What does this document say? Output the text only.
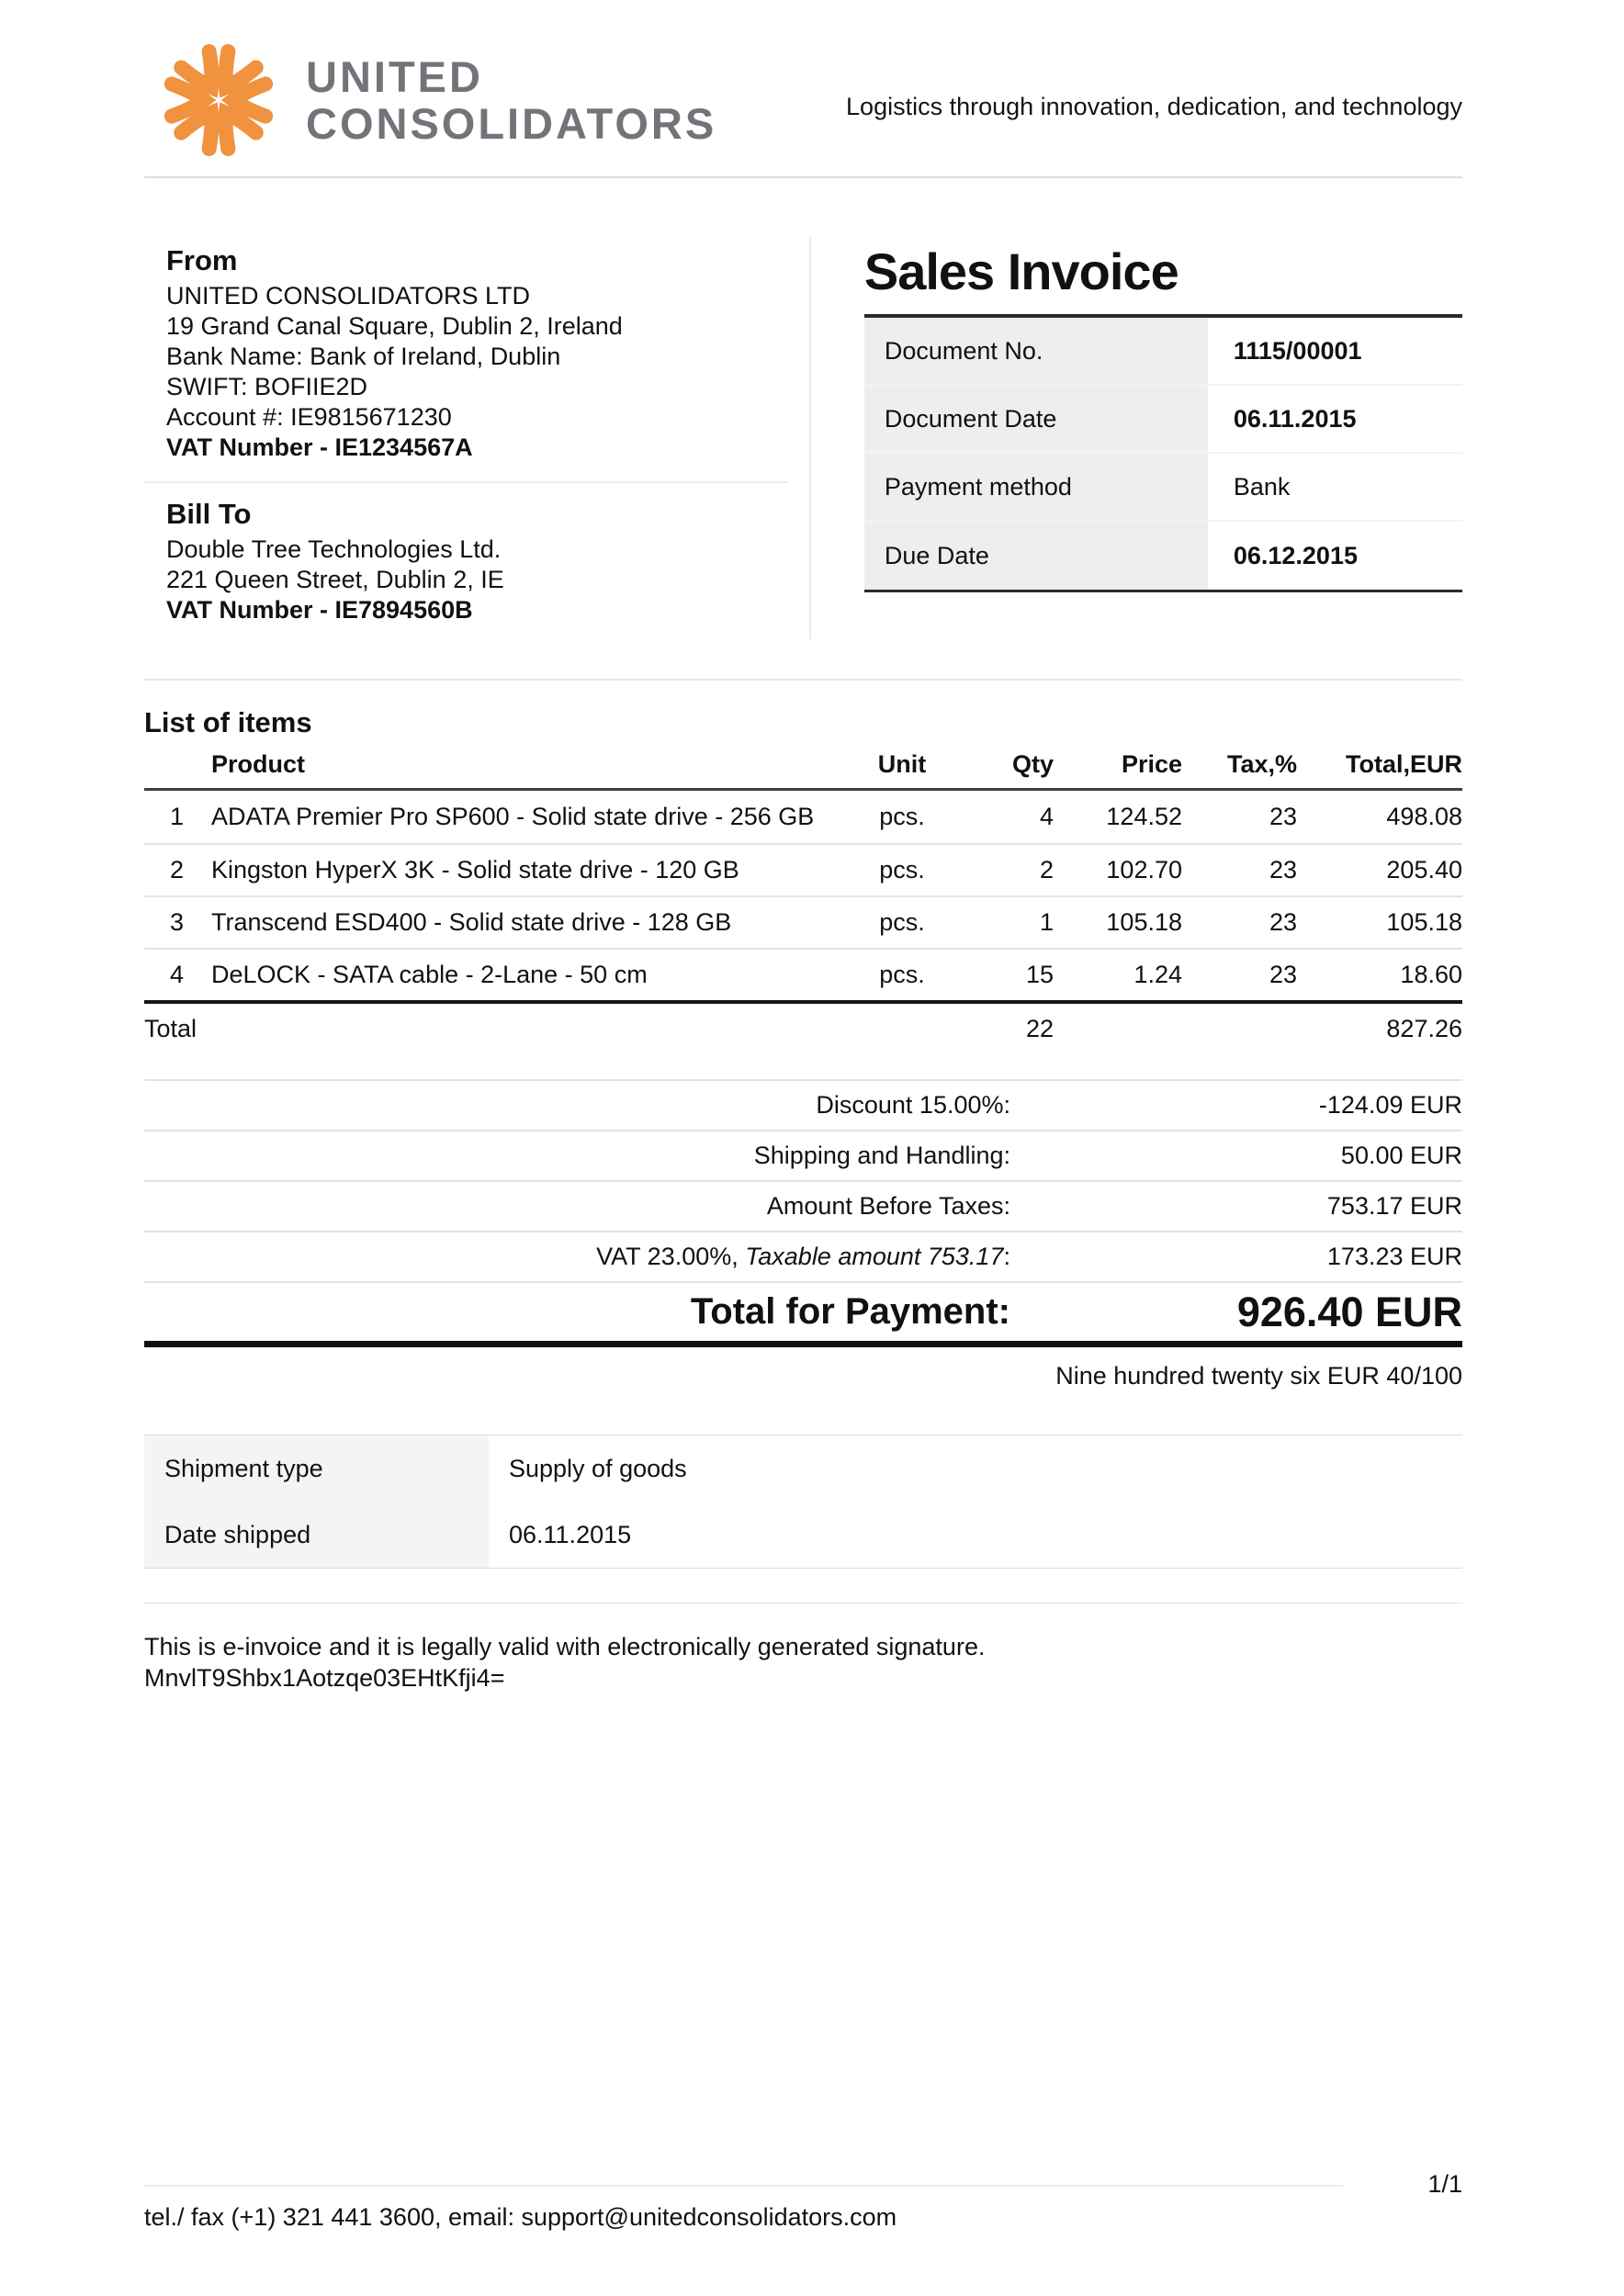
UNITED
CONSOLIDATORS	Logistics through innovation, dedication, and technology
From
UNITED CONSOLIDATORS LTD
19 Grand Canal Square, Dublin 2, Ireland
Bank Name: Bank of Ireland, Dublin
SWIFT: BOFIIE2D
Account #: IE9815671230
VAT Number - IE1234567A
Bill To
Double Tree Technologies Ltd.
221 Queen Street, Dublin 2, IE
VAT Number - IE7894560B
Sales Invoice
Document No.	1115/00001
Document Date	06.11.2015
Payment method	Bank
Due Date	06.12.2015
List of items
Product	Unit	Qty	Price	Tax,%	Total,EUR
1	ADATA Premier Pro SP600 - Solid state drive - 256 GB	pcs.	4	124.52	23	498.08
2	Kingston HyperX 3K - Solid state drive - 120 GB	pcs.	2	102.70	23	205.40
3	Transcend ESD400 - Solid state drive - 128 GB	pcs.	1	105.18	23	105.18
4	DeLOCK - SATA cable - 2-Lane - 50 cm	pcs.	15	1.24	23	18.60
Total	22	827.26
Discount 15.00%:	-124.09 EUR
Shipping and Handling:	50.00 EUR
Amount Before Taxes:	753.17 EUR
VAT 23.00%, Taxable amount 753.17:	173.23 EUR
Total for Payment:	926.40 EUR
Nine hundred twenty six EUR 40/100
Shipment type	Supply of goods
Date shipped	06.11.2015
This is e-invoice and it is legally valid with electronically generated signature.
MnvlT9Shbx1Aotzqe03EHtKfji4=
1/1
tel./ fax (+1) 321 441 3600, email: support@unitedconsolidators.com
